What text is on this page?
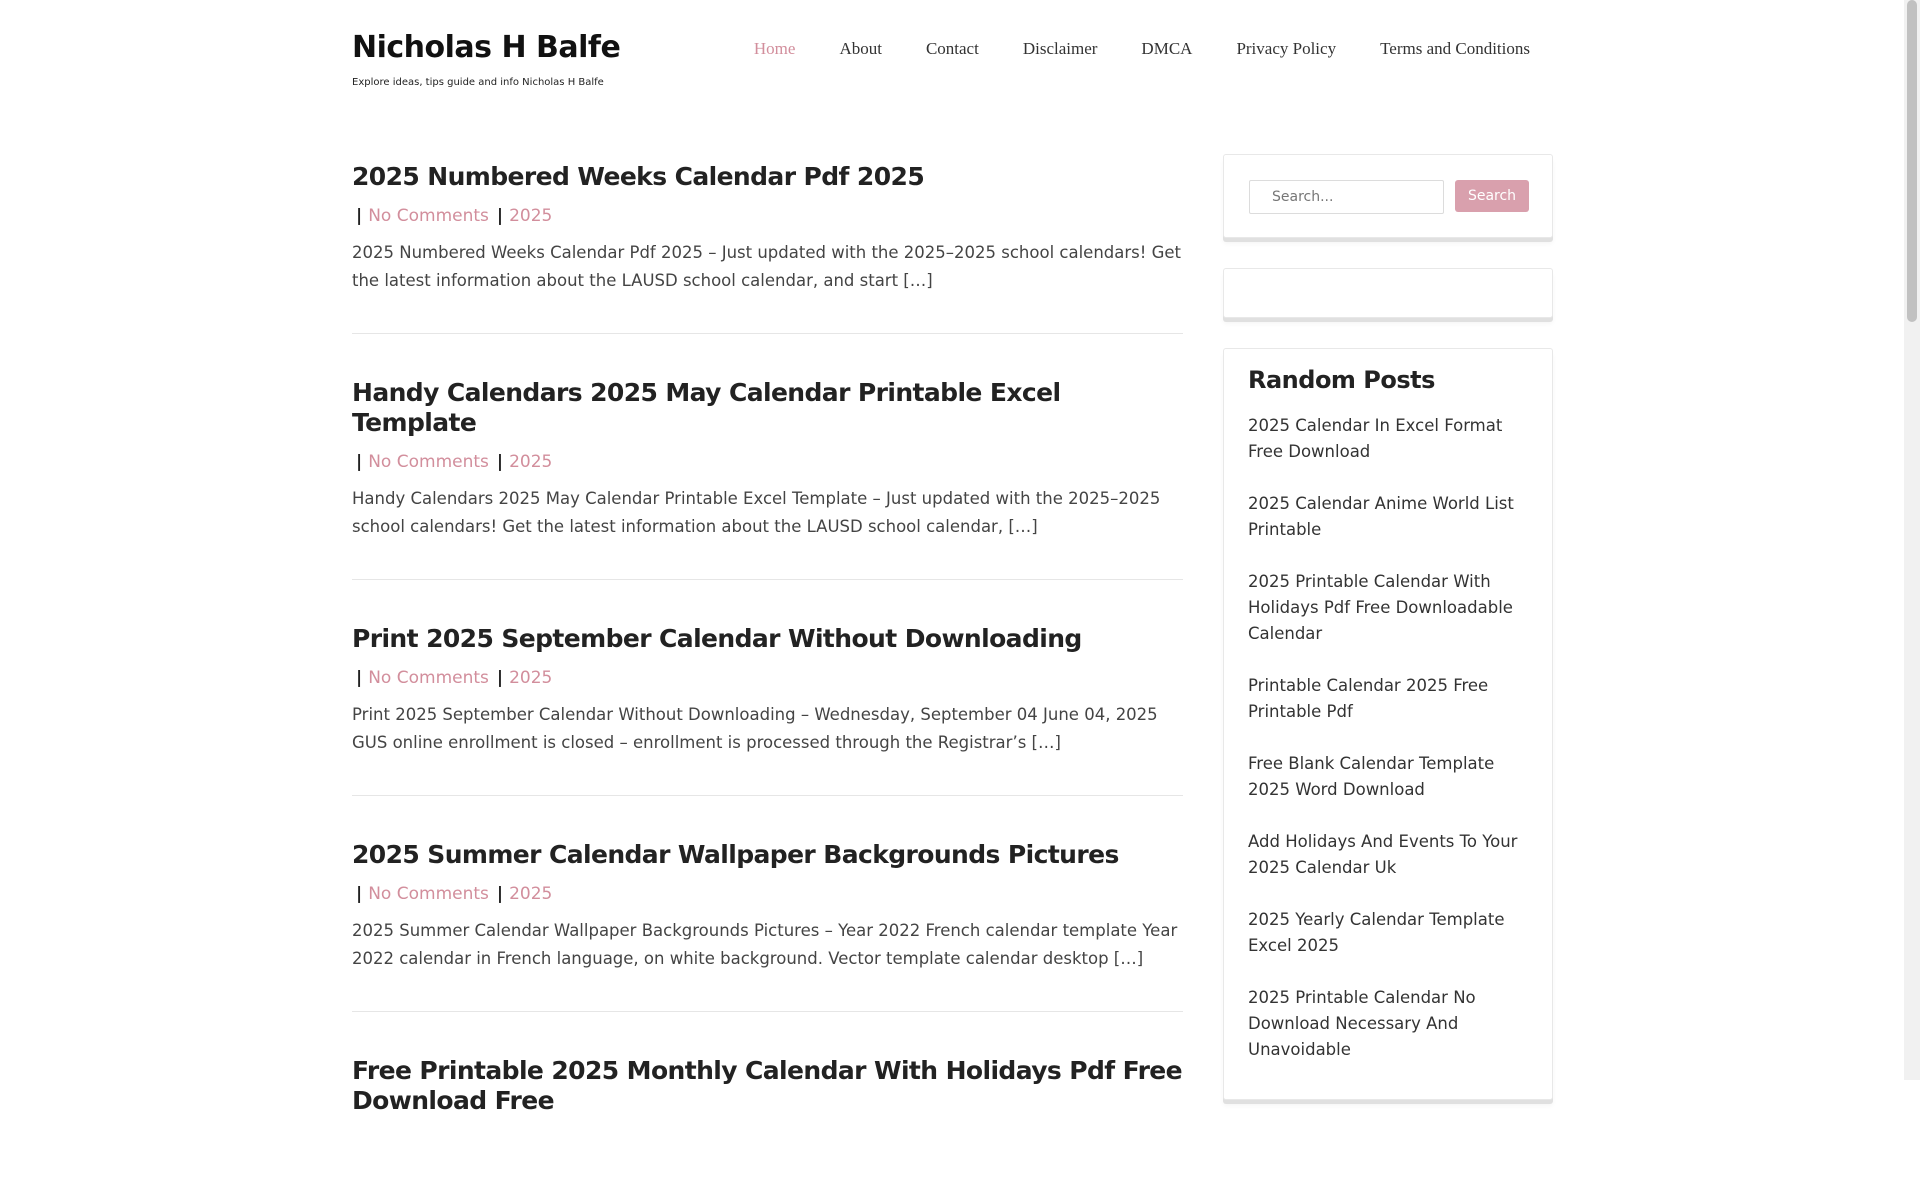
Nicholas H Balfe
Explore ideas, tips guide and info Nicholas H Balfe
Home	About	Contact	Disclaimer	DMCA	Privacy Policy	Terms and Conditions
2025 Numbered Weeks Calendar Pdf 2025
| No Comments | 2025

2025 Numbered Weeks Calendar Pdf 2025 – Just updated with the 2025–2025 school calendars! Get the latest information about the LAUSD school calendar, and start […]

Handy Calendars 2025 May Calendar Printable Excel Template
| No Comments | 2025

Handy Calendars 2025 May Calendar Printable Excel Template – Just updated with the 2025–2025 school calendars! Get the latest information about the LAUSD school calendar, […]

Print 2025 September Calendar Without Downloading
| No Comments | 2025

Print 2025 September Calendar Without Downloading – Wednesday, September 04 June 04, 2025 GUS online enrollment is closed – enrollment is processed through the Registrar’s […]

2025 Summer Calendar Wallpaper Backgrounds Pictures
| No Comments | 2025

2025 Summer Calendar Wallpaper Backgrounds Pictures – Year 2022 French calendar template Year 2022 calendar in French language, on white background. Vector template calendar desktop […]

Free Printable 2025 Monthly Calendar With Holidays Pdf Free Download Free
Search...
Search
Random Posts
2025 Calendar In Excel Format Free Download
2025 Calendar Anime World List Printable
2025 Printable Calendar With Holidays Pdf Free Downloadable Calendar
Printable Calendar 2025 Free Printable Pdf
Free Blank Calendar Template 2025 Word Download
Add Holidays And Events To Your 2025 Calendar Uk
2025 Yearly Calendar Template Excel 2025
2025 Printable Calendar No Download Necessary And Unavoidable
